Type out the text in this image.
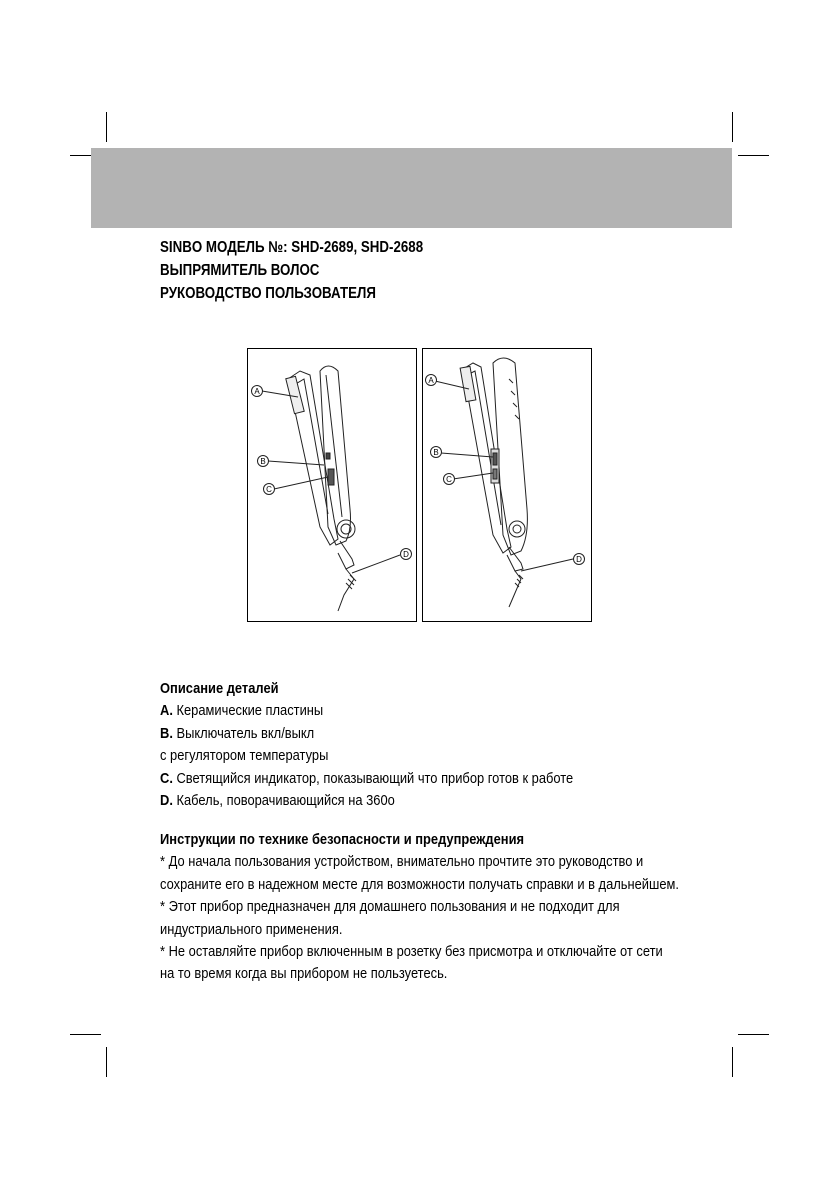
SINBO МОДЕЛЬ №: SHD-2689, SHD-2688
ВЫПРЯМИТЕЛЬ ВОЛОС
РУКОВОДСТВО ПОЛЬЗОВАТЕЛЯ
A
B
C
D
A
B
C
D
Описание деталей
A. Керамические пластины
B. Выключатель вкл/выкл
с регулятором температуры
C. Светящийся индикатор, показывающий что прибор готов к работе
D. Кабель, поворачивающийся на 360о
Инструкции по технике безопасности и предупреждения
* До начала пользования устройством, внимательно прочтите это руководство и
сохраните его в надежном месте для возможности получать справки и в дальнейшем.
* Этот прибор предназначен для домашнего пользования и не подходит для
индустриального применения.
* Не оставляйте прибор включенным в розетку без присмотра и отключайте от сети
на то время когда вы прибором не пользуетесь.
